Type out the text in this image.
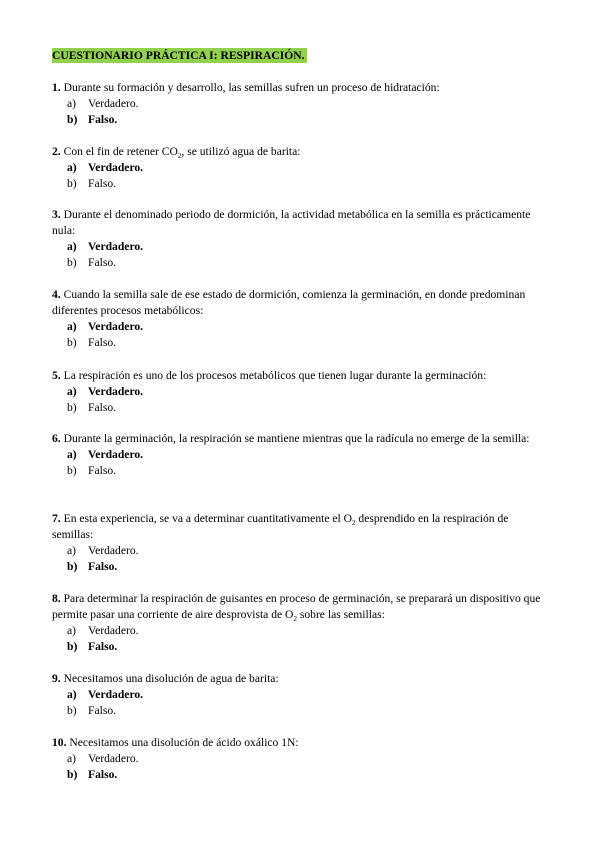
CUESTIONARIO PRÁCTICA I: RESPIRACIÓN.

1. Durante su formación y desarrollo, las semillas sufren un proceso de hidratación:

a)	Verdadero.
b) Falso.

2. Con el fin de retener $CO_2$, se utilizó agua de barita:

a) Verdadero.
b) Falso.

3. Durante el denominado periodo de dormición, la actividad metabólica en la semilla es prácticamente nula:

a) Verdadero.
b) Falso.

4. Cuando la semilla sale de ese estado de dormición, comienza la germinación, en donde predominan diferentes procesos metabólicos:

a) Verdadero.
b) Falso.

5. La respiración es uno de los procesos metabólicos que tienen lugar durante la germinación:

a) Verdadero.
b) Falso.

6. Durante la germinación, la respiración se mantiene mientras que la radícula no emerge de la semilla:

a) Verdadero.
b) Falso.

7. En esta experiencia, se va a determinar cuantitativamente el $O_2$ desprendido en la respiración de semillas:

a)	Verdadero.
b) Falso.

8. Para determinar la respiración de guisantes en proceso de germinación, se preparará un dispositivo que permite pasar una corriente de aire desprovista de $O_2$ sobre las semillas:

a)	Verdadero.
b) Falso.

9. Necesitamos una disolución de agua de barita:

a) Verdadero.
b) Falso.

10. Necesitamos una disolución de ácido oxálico 1N:

a)	Verdadero.
b) Falso.
